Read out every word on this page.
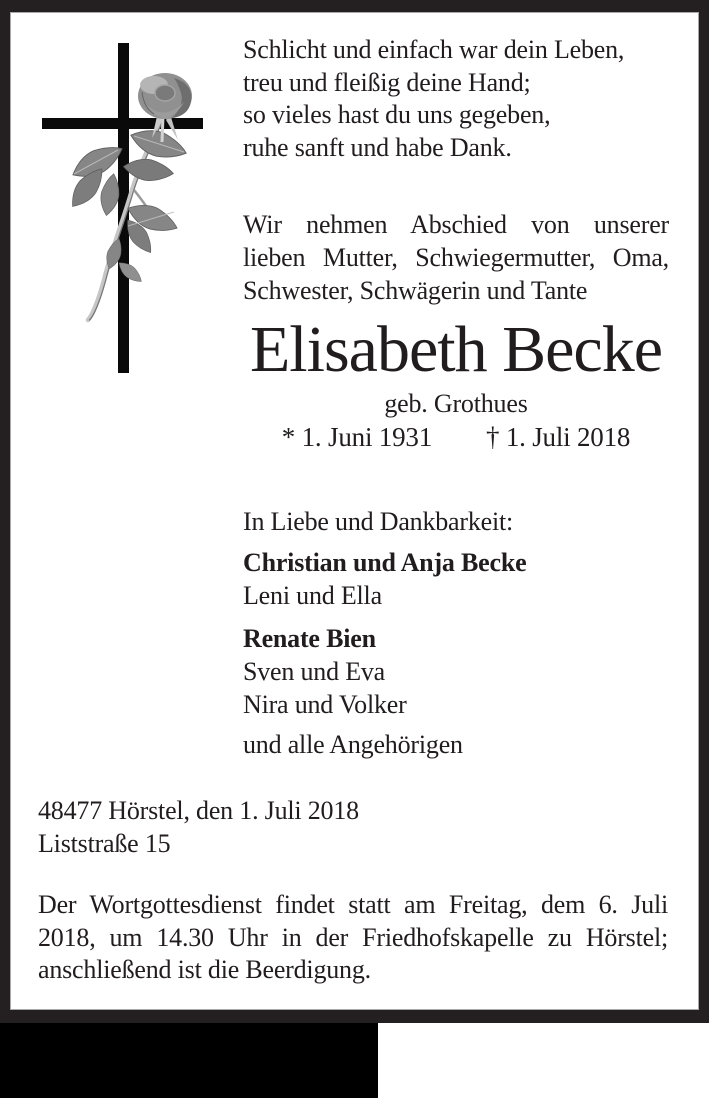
Schlicht und einfach war dein Leben,
treu und fleißig deine Hand;
so vieles hast du uns gegeben,
ruhe sanft und habe Dank.
Wir nehmen Abschied von unserer
lieben Mutter, Schwiegermutter, Oma,
Schwester, Schwägerin und Tante
Elisabeth Becke
geb. Grothues
* 1. Juni 1931 † 1. Juli 2018
In Liebe und Dankbarkeit:
Christian und Anja Becke
Leni und Ella
Renate Bien
Sven und Eva
Nira und Volker
und alle Angehörigen
48477 Hörstel, den 1. Juli 2018
Liststraße 15
Der Wortgottesdienst findet statt am Freitag, dem 6. Juli
2018, um 14.30 Uhr in der Friedhofskapelle zu Hörstel;
anschließend ist die Beerdigung.
